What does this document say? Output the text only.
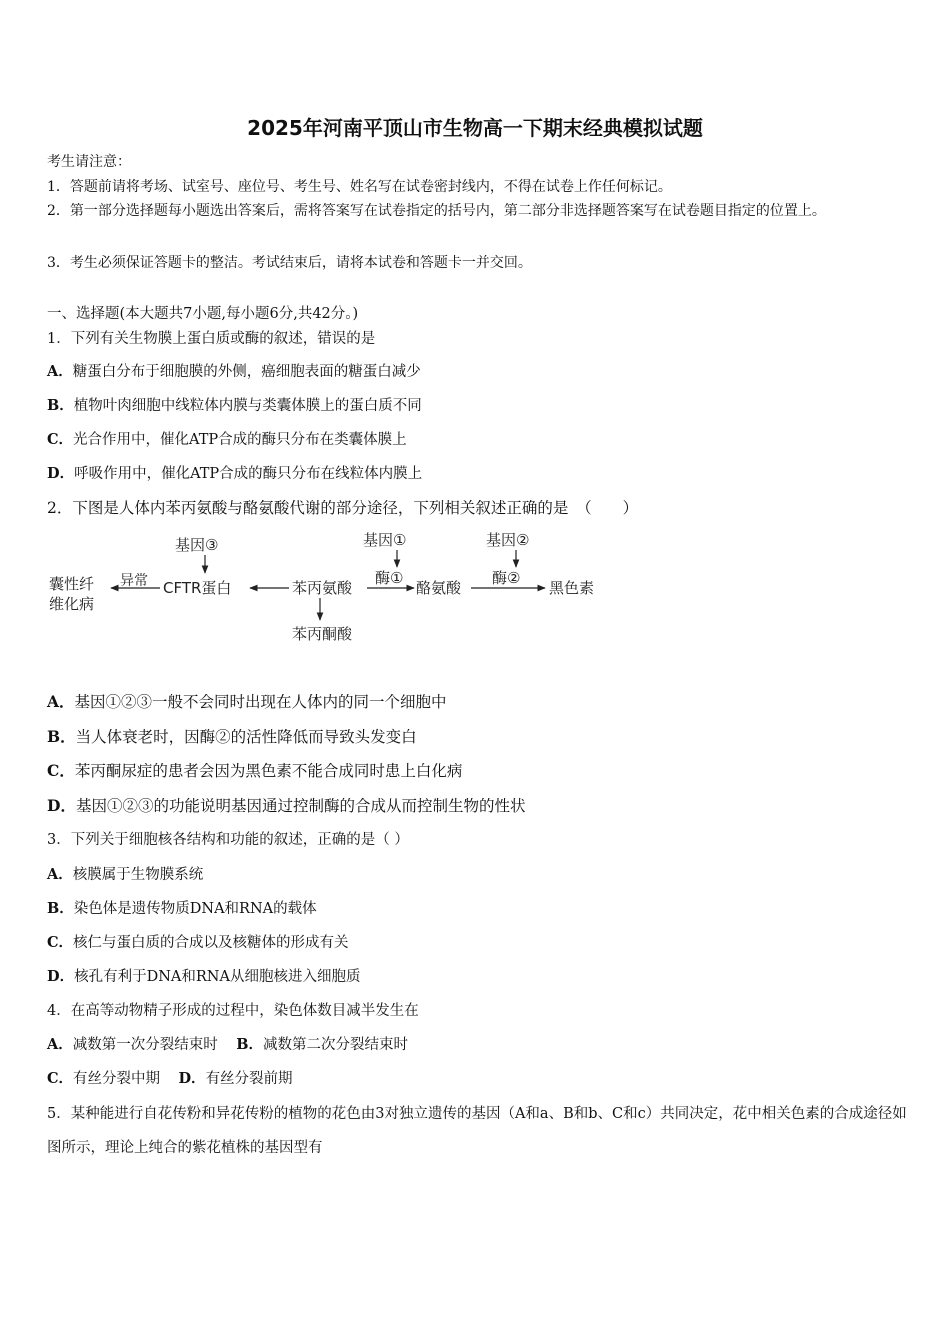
2025年河南平顶山市生物高一下期末经典模拟试题
考生请注意：
1．答题前请将考场、试室号、座位号、考生号、姓名写在试卷密封线内，不得在试卷上作任何标记。
2．第一部分选择题每小题选出答案后，需将答案写在试卷指定的括号内，第二部分非选择题答案写在试卷题目指定的位置上。
3．考生必须保证答题卡的整洁。考试结束后，请将本试卷和答题卡一并交回。
一、选择题(本大题共7小题,每小题6分,共42分。)
1．下列有关生物膜上蛋白质或酶的叙述，错误的是
A．糖蛋白分布于细胞膜的外侧，癌细胞表面的糖蛋白减少
B．植物叶肉细胞中线粒体内膜与类囊体膜上的蛋白质不同
C．光合作用中，催化ATP合成的酶只分布在类囊体膜上
D．呼吸作用中，催化ATP合成的酶只分布在线粒体内膜上
2．下图是人体内苯丙氨酸与酪氨酸代谢的部分途径，下列相关叙述正确的是　（　　）
基因③	基因①	基因②
囊性纤
维化病
异常 CFTR蛋白	苯丙氨酸
酶①
酪氨酸
酶②
黑色素
苯丙酮酸
A．基因①②③一般不会同时出现在人体内的同一个细胞中
B．当人体衰老时，因酶②的活性降低而导致头发变白
C．苯丙酮尿症的患者会因为黑色素不能合成同时患上白化病
D．基因①②③的功能说明基因通过控制酶的合成从而控制生物的性状
3．下列关于细胞核各结构和功能的叙述，正确的是（ ）
A．核膜属于生物膜系统
B．染色体是遗传物质DNA和RNA的载体
C．核仁与蛋白质的合成以及核糖体的形成有关
D．核孔有利于DNA和RNA从细胞核进入细胞质
4．在高等动物精子形成的过程中，染色体数目减半发生在
A．减数第一次分裂结束时 B．减数第二次分裂结束时
C．有丝分裂中期 D．有丝分裂前期
5．某种能进行自花传粉和异花传粉的植物的花色由3对独立遗传的基因（A和a、B和b、C和c）共同决定，花中相关色素的合成途径如图所示，理论上纯合的紫花植株的基因型有
